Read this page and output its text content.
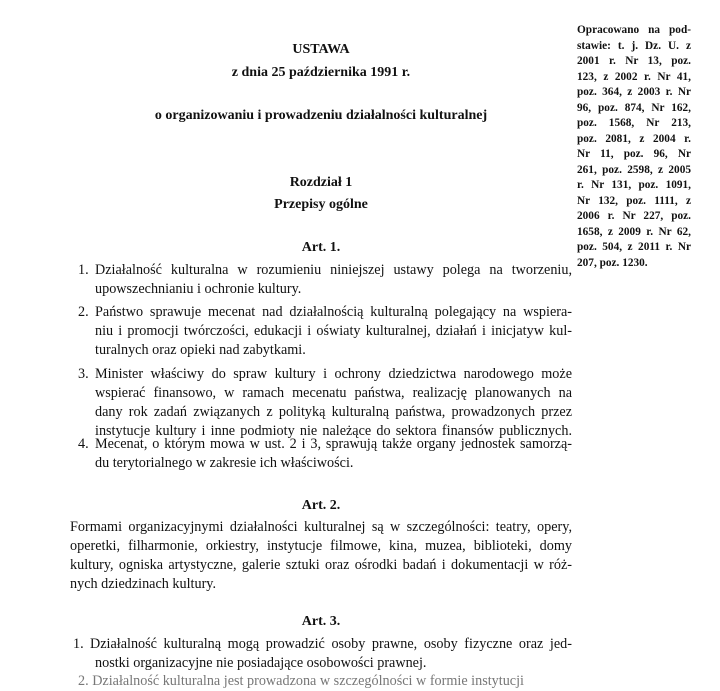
USTAWA
z dnia 25 października 1991 r.
o organizowaniu i prowadzeniu działalności kulturalnej
Rozdział 1
Przepisy ogólne
Opracowano na pod-
stawie: t. j. Dz. U. z
2001 r. Nr 13, poz.
123, z 2002 r. Nr 41,
poz. 364, z 2003 r. Nr
96, poz. 874, Nr 162,
poz. 1568, Nr 213,
poz. 2081, z 2004 r.
Nr 11, poz. 96, Nr
261, poz. 2598, z 2005
r. Nr 131, poz. 1091,
Nr 132, poz. 1111, z
2006 r. Nr 227, poz.
1658, z 2009 r. Nr 62,
poz. 504, z 2011 r. Nr
207, poz. 1230.
Art. 1.
1. Działalność kulturalna w rozumieniu niniejszej ustawy polega na tworzeniu,
upowszechnianiu i ochronie kultury.
2. Państwo sprawuje mecenat nad działalnością kulturalną polegający na wspiera-
niu i promocji twórczości, edukacji i oświaty kulturalnej, działań i inicjatyw kul-
turalnych oraz opieki nad zabytkami.
3. Minister właściwy do spraw kultury i ochrony dziedzictwa narodowego może
wspierać finansowo, w ramach mecenatu państwa, realizację planowanych na
dany rok zadań związanych z polityką kulturalną państwa, prowadzonych przez
instytucje kultury i inne podmioty nie należące do sektora finansów publicznych.
4. Mecenat, o którym mowa w ust. 2 i 3, sprawują także organy jednostek samorzą-
du terytorialnego w zakresie ich właściwości.
Art. 2.
Formami organizacyjnymi działalności kulturalnej są w szczególności: teatry, opery,
operetki, filharmonie, orkiestry, instytucje filmowe, kina, muzea, biblioteki, domy
kultury, ogniska artystyczne, galerie sztuki oraz ośrodki badań i dokumentacji w róż-
nych dziedzinach kultury.
Art. 3.
1. Działalność kulturalną mogą prowadzić osoby prawne, osoby fizyczne oraz jed-
nostki organizacyjne nie posiadające osobowości prawnej.
2. Działalność kulturalna jest prowadzona w szczególności w formie instytucji
